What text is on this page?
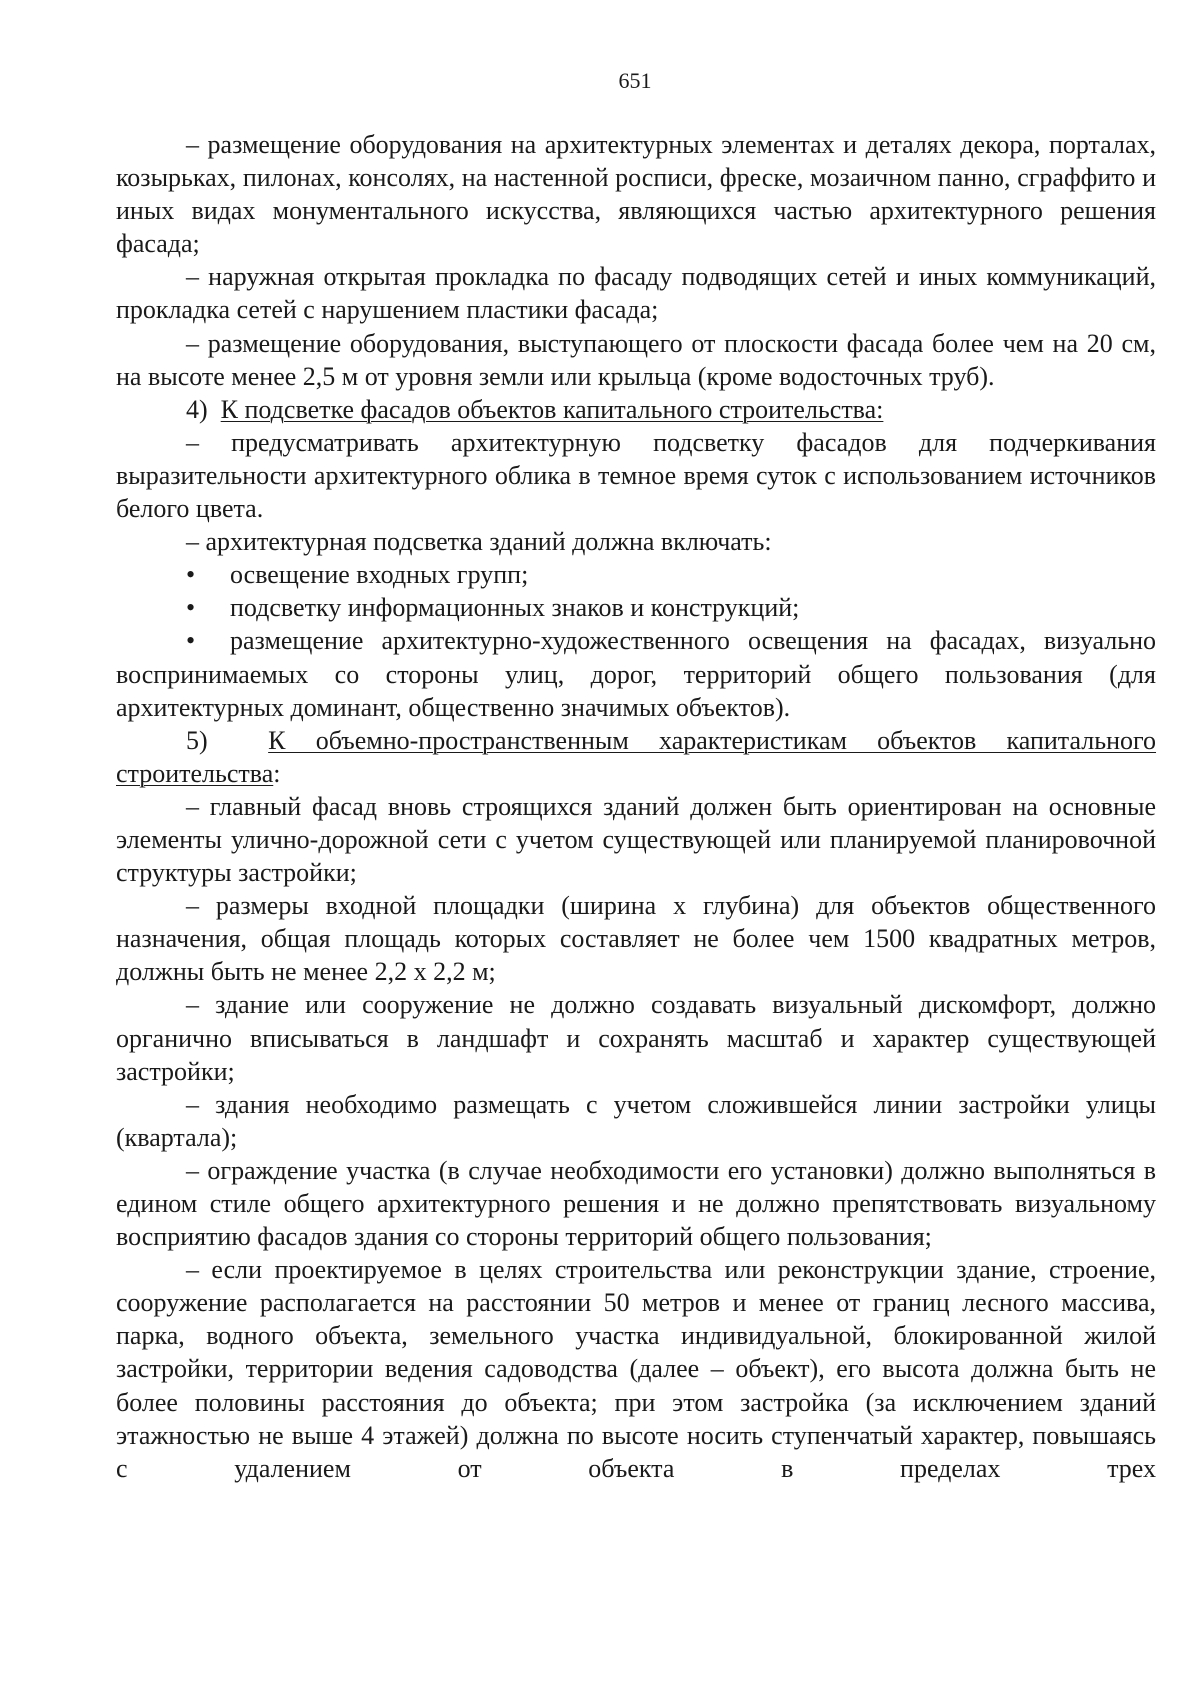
651

– размещение оборудования на архитектурных элементах и деталях декора, порталах, козырьках, пилонах, консолях, на настенной росписи, фреске, мозаичном панно, сграффито и иных видах монументального искусства, являющихся частью архитектурного решения фасада;

– наружная открытая прокладка по фасаду подводящих сетей и иных коммуникаций, прокладка сетей с нарушением пластики фасада;

– размещение оборудования, выступающего от плоскости фасада более чем на 20 см, на высоте менее 2,5 м от уровня земли или крыльца (кроме водосточных труб).

4) К подсветке фасадов объектов капитального строительства:

– предусматривать архитектурную подсветку фасадов для подчеркивания выразительности архитектурного облика в темное время суток с использованием источников белого цвета.

– архитектурная подсветка зданий должна включать:

• освещение входных групп;

• подсветку информационных знаков и конструкций;

• размещение архитектурно-художественного освещения на фасадах, визуально воспринимаемых со стороны улиц, дорог, территорий общего пользования (для архитектурных доминант, общественно значимых объектов).

5) К объемно-пространственным характеристикам объектов капитального строительства:

– главный фасад вновь строящихся зданий должен быть ориентирован на основные элементы улично-дорожной сети с учетом существующей или планируемой планировочной структуры застройки;

– размеры входной площадки (ширина х глубина) для объектов общественного назначения, общая площадь которых составляет не более чем 1500 квадратных метров, должны быть не менее 2,2 х 2,2 м;

– здание или сооружение не должно создавать визуальный дискомфорт, должно органично вписываться в ландшафт и сохранять масштаб и характер существующей застройки;

– здания необходимо размещать с учетом сложившейся линии застройки улицы (квартала);

– ограждение участка (в случае необходимости его установки) должно выполняться в едином стиле общего архитектурного решения и не должно препятствовать визуальному восприятию фасадов здания со стороны территорий общего пользования;

– если проектируемое в целях строительства или реконструкции здание, строение, сооружение располагается на расстоянии 50 метров и менее от границ лесного массива, парка, водного объекта, земельного участка индивидуальной, блокированной жилой застройки, территории ведения садоводства (далее – объект), его высота должна быть не более половины расстояния до объекта; при этом застройка (за исключением зданий этажностью не выше 4 этажей) должна по высоте носить ступенчатый характер, повышаясь с удалением от объекта в пределах трех
